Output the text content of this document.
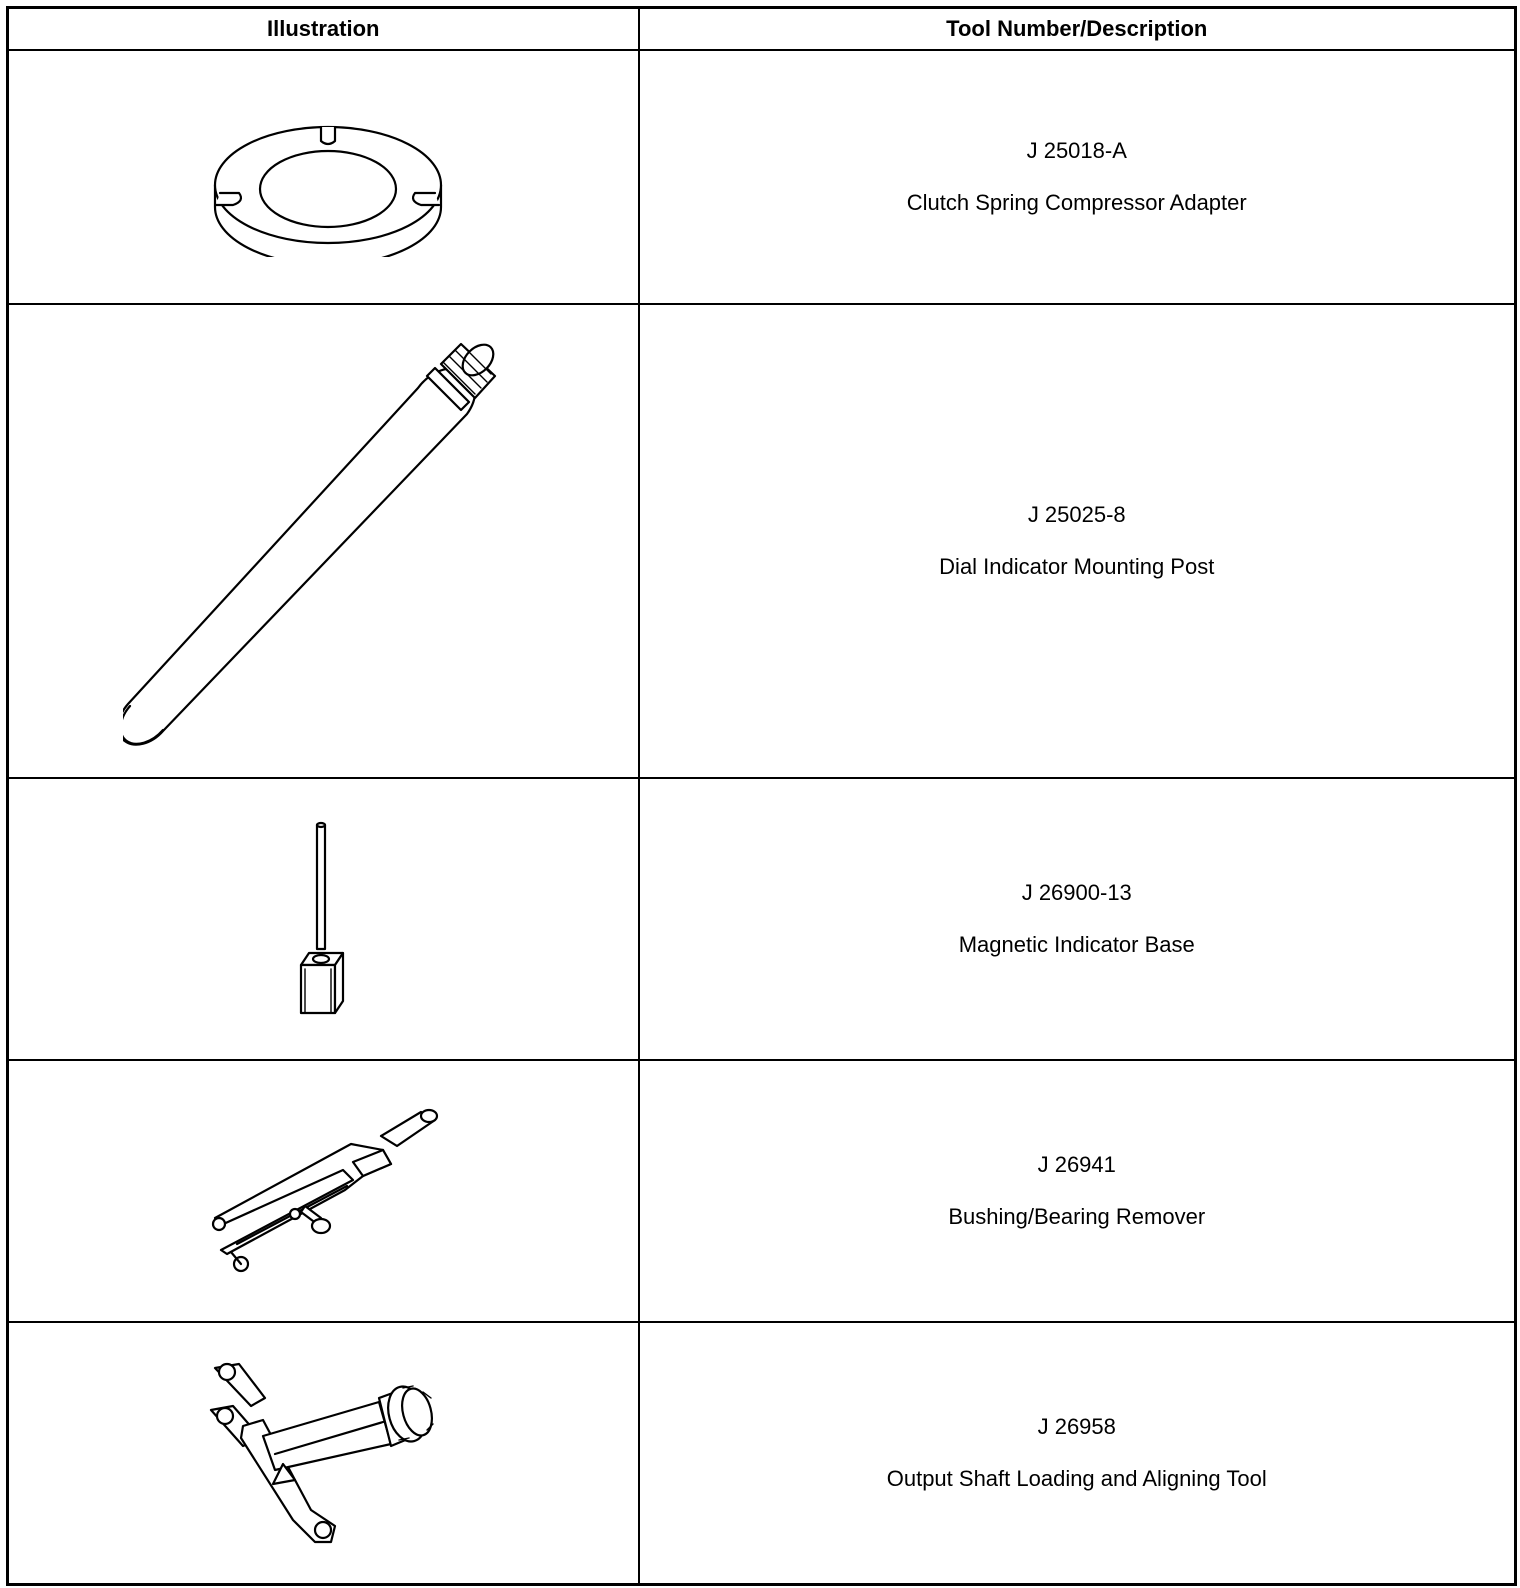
Illustration	Tool Number/Description

J 25018-A
Clutch Spring Compressor Adapter

J 25025-8
Dial Indicator Mounting Post

J 26900-13
Magnetic Indicator Base

J 26941
Bushing/Bearing Remover

J 26958
Output Shaft Loading and Aligning Tool
